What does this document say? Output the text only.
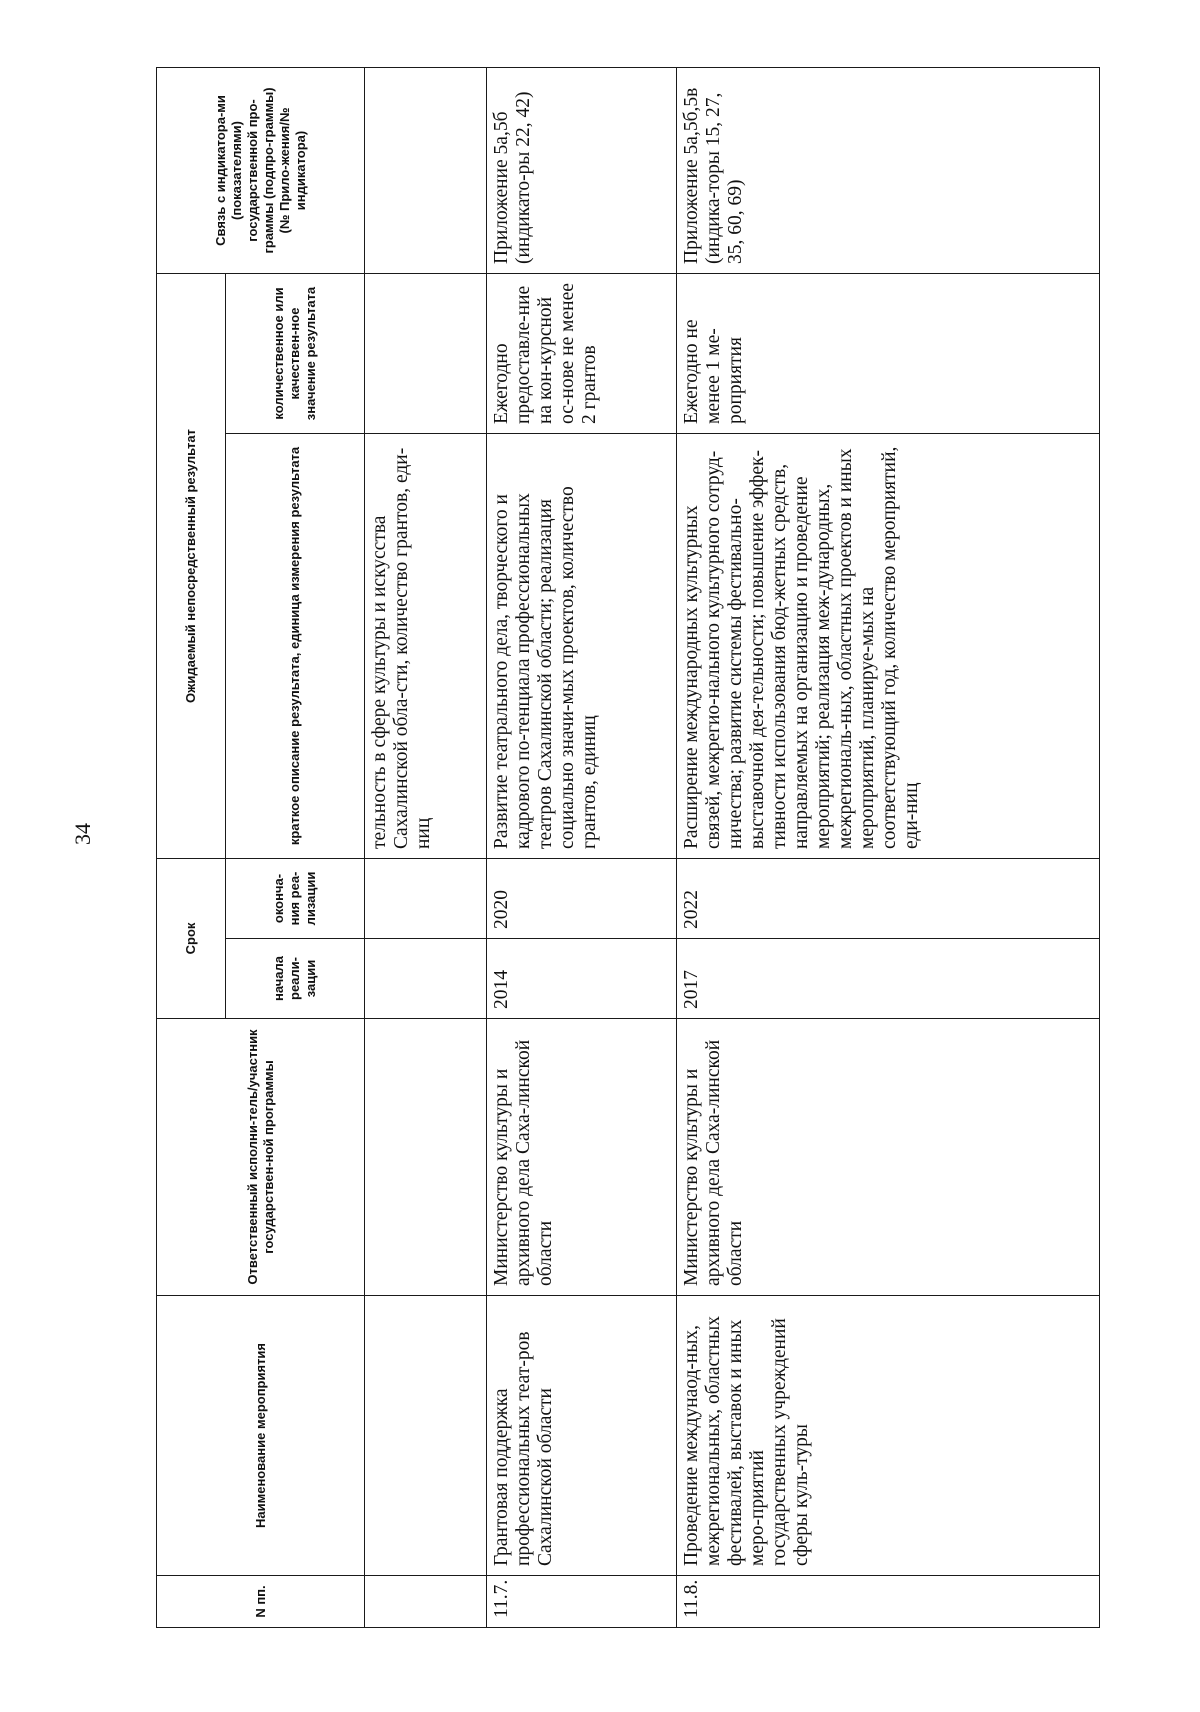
34
N пп.	Наименование мероприятия	Ответственный исполни-тель/участник государствен-ной программы	Срок		Ожидаемый непосредственный результат		Связь с индикатора-ми (показателями) государственной про-граммы (подпро-граммы) (№ Прило-жения/№ индикатора)
			начала реали-зации	оконча-ния реа-лизации	краткое описание результата, единица измерения результата	количественное или качествен-ное значение результата	
					тельность в сфере культуры и искусства Сахалинской обла-сти, количество грантов, еди-ниц		
11.7.	Грантовая поддержка профессиональных теат-ров Сахалинской области	Министерство культуры и архивного дела Саха-линской области	2014	2020	Развитие театрального дела, творческого и кадрового по-тенциала профессиональных театров Сахалинской области; реализация социально значи-мых проектов, количество грантов, единиц	Ежегодно предоставле-ние на кон-курсной ос-нове не менее 2 грантов	Приложение 5а,5б (индикато-ры 22, 42)
11.8.	Проведение междунаод-ных, межрегиональных, областных фестивалей, выставок и иных меро-приятий государственных учреждений сферы куль-туры	Министерство культуры и архивного дела Саха-линской области	2017	2022	Расширение международных культурных связей, межрегио-нального культурного сотруд-ничества; развитие системы фестивально-выставочной дея-тельности; повышение эффек-тивности использования бюд-жетных средств, направляемых на организацию и проведение мероприятий; реализация меж-дународных, межрегиональ-ных, областных проектов и иных мероприятий, планируе-мых на соответствующий год, количество мероприятий, еди-ниц	Ежегодно не менее 1 ме-роприятия	Приложение 5а,5б,5в (индика-торы 15, 27, 35, 60, 69)
